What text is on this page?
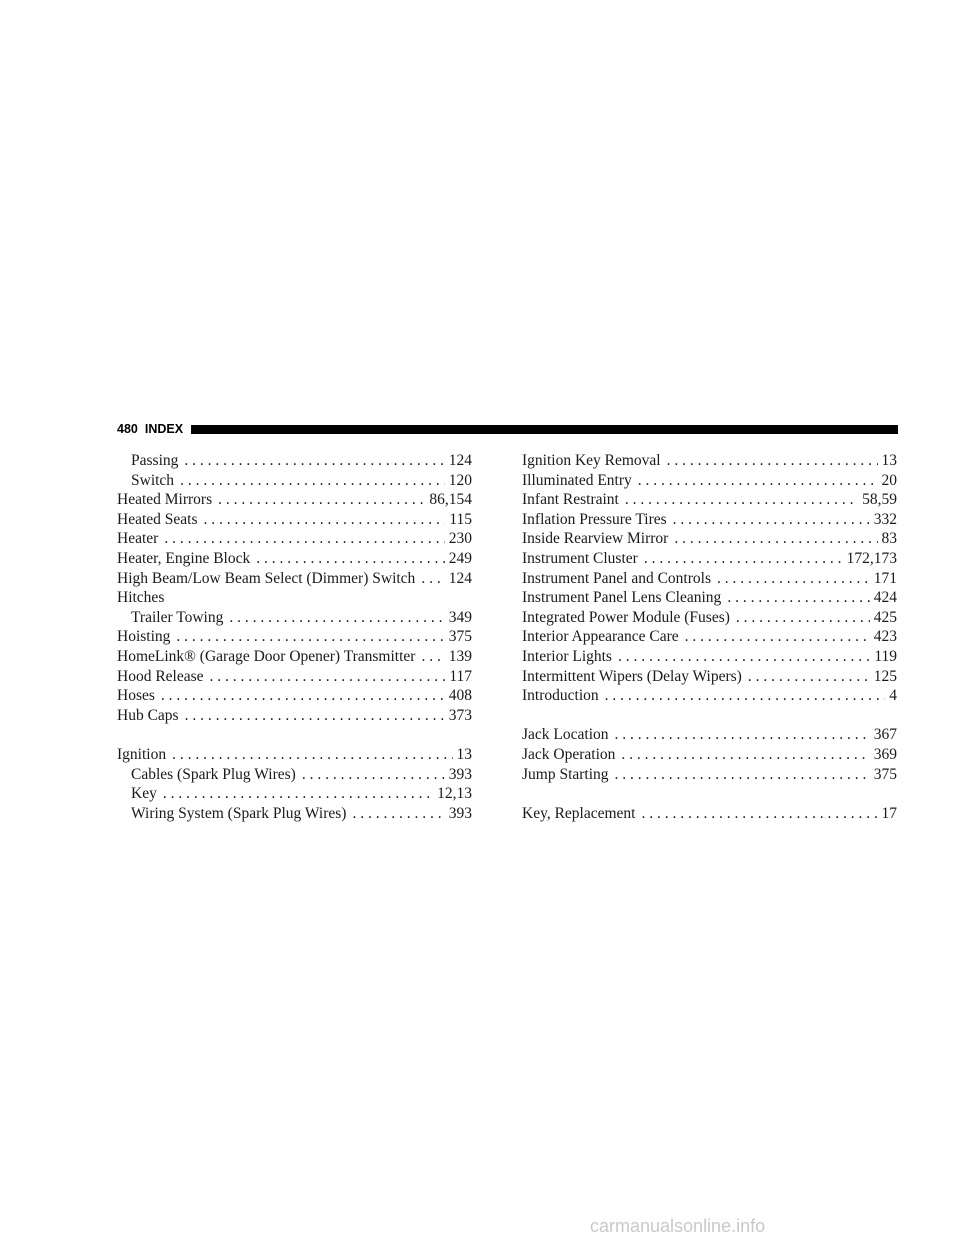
480 INDEX
Passing . . .	124
Switch . . .	120
Heated Mirrors . . .	86,154
Heated Seats . . .	115
Heater . . .	230
Heater, Engine Block . . .	249
High Beam/Low Beam Select (Dimmer) Switch . . . 124
Hitches
Trailer Towing . . .	349
Hoisting . . .	375
HomeLink® (Garage Door Opener) Transmitter . . . 139
Hood Release . . .	117
Hoses . . .	408
Hub Caps . . .	373
Ignition . . .	13
Cables (Spark Plug Wires) . . .	393
Key . . .	12,13
Wiring System (Spark Plug Wires) . . .	393
Ignition Key Removal . . .	13
Illuminated Entry . . .	20
Infant Restraint . . .	58,59
Inflation Pressure Tires . . .	332
Inside Rearview Mirror . . .	83
Instrument Cluster . . .	172,173
Instrument Panel and Controls . . .	171
Instrument Panel Lens Cleaning . . .	424
Integrated Power Module (Fuses) . . .	425
Interior Appearance Care . . .	423
Interior Lights . . .	119
Intermittent Wipers (Delay Wipers) . . .	125
Introduction . . .	4
Jack Location . . .	367
Jack Operation . . .	369
Jump Starting . . .	375
Key, Replacement . . .	17
carmanualsonline.info
